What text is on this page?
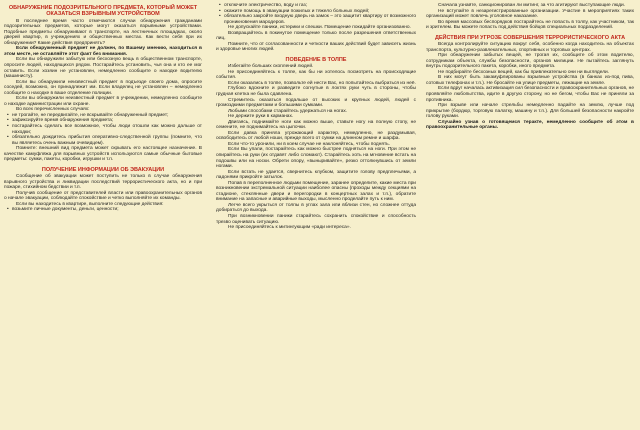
ОБНАРУЖЕНИЕ ПОДОЗРИТЕЛЬНОГО ПРЕДМЕТА, КОТОРЫЙ МОЖЕТ ОКАЗАТЬСЯ ВЗРЫВНЫМ УСТРОЙСТВОМ

В последнее время часто отмечаются случаи обнаружения гражданами подозрительных предметов, которые могут оказаться взрывными устройствами. Подобные предметы обнаруживают в транспорте, на лестничных площадках, около дверей квартир, в учреждениях и общественных местах. Как вести себя при их обнаружении? Какие действия предпринять?

Если обнаруженный предмет не должен, по Вашему мнению, находиться в этом месте, не оставляйте этот факт без внимания.

Если вы обнаружили забытую или бесхозную вещь в общественном транспорте, опросите людей, находящихся рядом. Постарайтесь установить, чья она и кто ее мог оставить. Если хозяин не установлен, немедленно сообщите о находке водителю (машинисту).

Если вы обнаружили неизвестный предмет в подъезде своего дома, опросите соседей, возможно, он принадлежит им. Если владелец не установлен – немедленно сообщите о находке в ваше отделение полиции.

Если вы обнаружили неизвестный предмет в учреждении, немедленно сообщите о находке администрации или охране.

Во всех перечисленных случаях:

• не трогайте, не передвигайте, не вскрывайте обнаруженный предмет;

• зафиксируйте время обнаружения предмета;

• постарайтесь сделать все возможное, чтобы люди отошли как можно дальше от находки;

• обязательно дождитесь прибытия оперативно-следственной группы (помните, что вы являетесь очень важным очевидцем).

Помните: внешний вид предмета может скрывать его настоящее назначение. В качестве камуфляжа для взрывных устройств используются самые обычные бытовые предметы: сумки, пакеты, коробки, игрушки и т.п.

ПОЛУЧЕНИЕ ИНФОРМАЦИИ ОБ ЭВАКУАЦИИ

Сообщение об эвакуации может поступить не только в случае обнаружения взрывного устройства и ликвидации последствий террористического акта, но и при пожаре, стихийном бедствии и т.п.

Получив сообщение от представителей власти или правоохранительных органов о начале эвакуации, соблюдайте спокойствие и четко выполняйте их команды.

Если вы находитесь в квартире, выполните следующие действия:

• возьмите личные документы, деньги, ценности;

• отключите электричество, воду и газ;

• окажите помощь в эвакуации пожилых и тяжело больных людей;

• обязательно закройте входную дверь на замок – это защитит квартиру от возможного проникновения мародеров.

Не допускайте паники, истерики и спешки. Помещение покидайте организованно.

Возвращайтесь в покинутое помещение только после разрешения ответственных лиц.

Помните, что от согласованности и четкости ваших действий будет зависеть жизнь и здоровье многих людей.

ПОВЕДЕНИЕ В ТОЛПЕ

Избегайте больших скоплений людей.

Не присоединяйтесь к толпе, как бы ни хотелось посмотреть на происходящие события.

Если оказались в толпе, позвольте ей нести Вас, но попытайтесь выбраться из неё.

Глубоко вдохните и разведите согнутые в локтях руки чуть в стороны, чтобы грудная клетка не была сдавлена.

Стремитесь оказаться подальше от высоких и крупных людей, людей с громоздкими предметами и большими сумками.

Любыми способами старайтесь удержаться на ногах.

Не держите руки в карманах.

Двигаясь, поднимайте ноги как можно выше, ставьте ногу на полную стопу, не семените, не поднимайтесь на цыпочки.

Если давка приняла угрожающий характер, немедленно, не раздумывая, освободитесь от любой ноши, прежде всего от сумки на длинном ремне и шарфа.

Если что-то уронили, ни в коем случае не наклоняйтесь, чтобы поднять.

Если Вы упали, постарайтесь как можно быстрее подняться на ноги. При этом не опирайтесь на руки (их отдавят либо сломают). Старайтесь хоть на мгновение встать на подошвы или на носки. Обрети опору, «выныривайте», резко оттолкнувшись от земли ногами.

Если встать не удается, свернитесь клубком, защитите голову предплечьями, а ладонями прикройте затылок.

Попав в переполненное людьми помещение, заранее определите, какие места при возникновении экстремальной ситуации наиболее опасны (проходы между секциями на стадионе, стеклянные двери и перегородки в концертных залах и т.п.), обратите внимание на запасные и аварийные выходы, мысленно проделайте путь к ним.

Легче всего укрыться от толпы в углах зала или вблизи стен, но сложнее оттуда добираться до выхода.

При возникновении паники старайтесь сохранить спокойствие и способность трезво оценивать ситуацию.

Не присоединяйтесь к митингующим «ради интереса».

Сначала узнайте, санкционирован ли митинг, за что агитируют выступающие люди.

Не вступайте в незарегистрированные организации. Участие в мероприятиях таких организаций может повлечь уголовное наказание.

Во время массовых беспорядков постарайтесь не попасть в толпу, как участником, так и зрителем. Вы можете попасть под действия бойцов специальных подразделений.

ДЕЙСТВИЯ ПРИ УГРОЗЕ СОВЕРШЕНИЯ ТЕРРОРИСТИЧЕСКОГО АКТА

Всегда контролируйте ситуацию вокруг себя, особенно когда находитесь на объектах транспорта, культурно-развлекательных, спортивных и торговых центрах.

При обнаружении забытых вещей, не трогая их, сообщите об этом водителю, сотрудникам объекта, службы безопасности, органов милиции. Не пытайтесь заглянуть внутрь подозрительного пакета, коробки, иного предмета.

Не подбирайте бесхозных вещей, как бы привлекательно они ни выглядели.

В них могут быть закамуфлированы взрывные устройства (в банках из-под пива, сотовых телефонах и т.п.). Не бросайте на улице предметы, лежащие на земле.

Если вдруг началась активизация сил безопасности и правоохранительных органов, не проявляйте любопытства, идите в другую сторону, но не бегом, чтобы Вас не приняли за противника.

При взрыве или начале стрельбы немедленно падайте на землю, лучше под прикрытие (бордюр, торговую палатку, машину и т.п.). Для большей безопасности накройте голову руками.

Случайно узнав о готовящемся теракте, немедленно сообщите об этом в правоохранительные органы.
